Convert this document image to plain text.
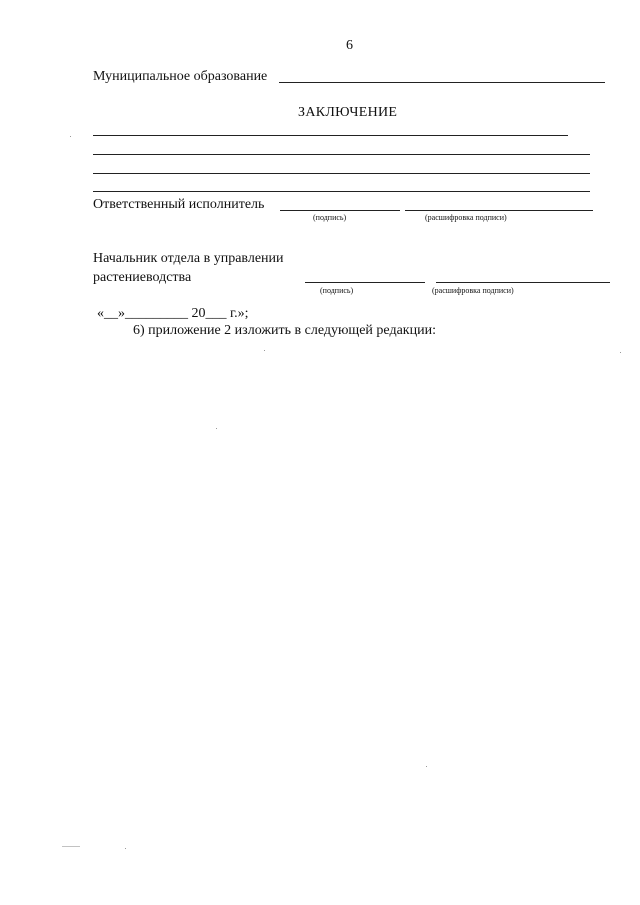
6
Муниципальное образование
ЗАКЛЮЧЕНИЕ
Ответственный исполнитель
(подпись)	(расшифровка подписи)
Начальник отдела в управлении
растениеводства
(подпись)	(расшифровка подписи)
«__»_________ 20___ г.»;
6) приложение 2 изложить в следующей редакции:
